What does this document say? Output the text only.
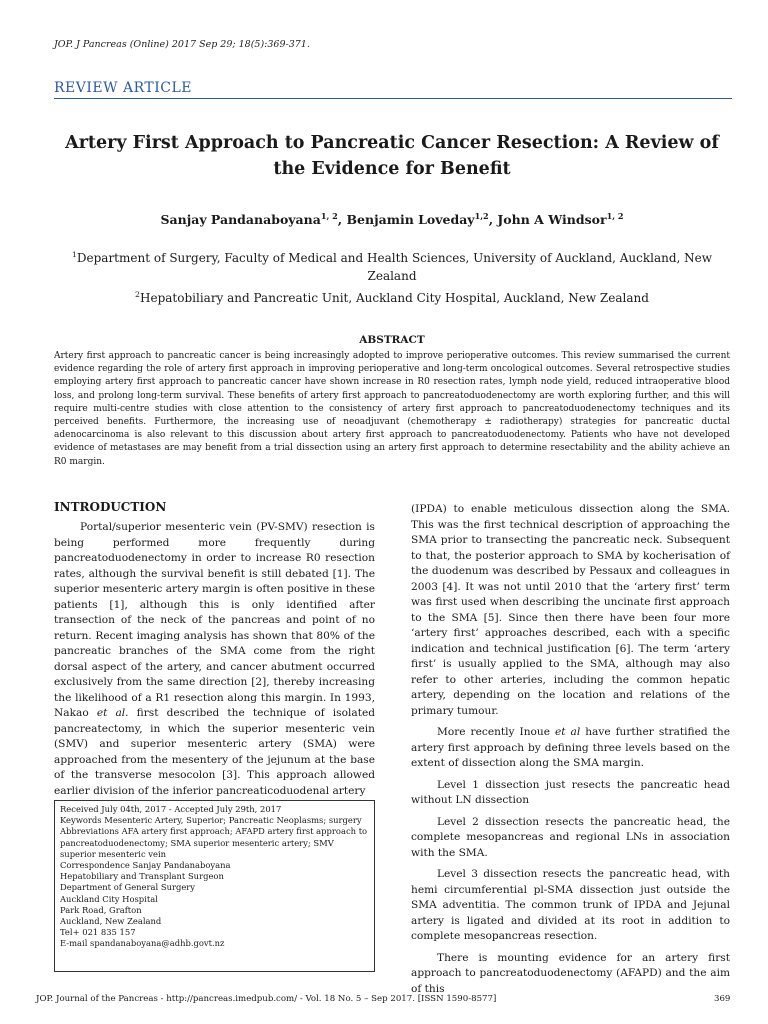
JOP. J Pancreas (Online) 2017 Sep 29; 18(5):369-371.
REVIEW ARTICLE
Artery First Approach to Pancreatic Cancer Resection: A Review of the Evidence for Benefit
Sanjay Pandanaboyana$^{1, 2}$, Benjamin Loveday$^{1,2}$, John A Windsor$^{1, 2}$
$^1$Department of Surgery, Faculty of Medical and Health Sciences, University of Auckland, Auckland, New Zealand
$^2$Hepatobiliary and Pancreatic Unit, Auckland City Hospital, Auckland, New Zealand
ABSTRACT
Artery first approach to pancreatic cancer is being increasingly adopted to improve perioperative outcomes. This review summarised the current evidence regarding the role of artery first approach in improving perioperative and long-term oncological outcomes. Several retrospective studies employing artery first approach to pancreatic cancer have shown increase in R0 resection rates, lymph node yield, reduced intraoperative blood loss, and prolong long-term survival. These benefits of artery first approach to pancreatoduodenectomy are worth exploring further, and this will require multi-centre studies with close attention to the consistency of artery first approach to pancreatoduodenectomy techniques and its perceived benefits. Furthermore, the increasing use of neoadjuvant (chemotherapy ± radiotherapy) strategies for pancreatic ductal adenocarcinoma is also relevant to this discussion about artery first approach to pancreatoduodenectomy. Patients who have not developed evidence of metastases are may benefit from a trial dissection using an artery first approach to determine resectability and the ability achieve an R0 margin.
INTRODUCTION

Portal/superior mesenteric vein (PV-SMV) resection is being performed more frequently during pancreatoduodenectomy in order to increase R0 resection rates, although the survival benefit is still debated [1]. The superior mesenteric artery margin is often positive in these patients [1], although this is only identified after transection of the neck of the pancreas and point of no return. Recent imaging analysis has shown that 80% of the pancreatic branches of the SMA come from the right dorsal aspect of the artery, and cancer abutment occurred exclusively from the same direction [2], thereby increasing the likelihood of a R1 resection along this margin. In 1993, Nakao et al. first described the technique of isolated pancreatectomy, in which the superior mesenteric vein (SMV) and superior mesenteric artery (SMA) were approached from the mesentery of the jejunum at the base of the transverse mesocolon [3]. This approach allowed earlier division of the inferior pancreaticoduodenal artery

Received July 04th, 2017 - Accepted July 29th, 2017
Keywords Mesenteric Artery, Superior; Pancreatic Neoplasms; surgery
Abbreviations AFA artery first approach; AFAPD artery first approach to pancreatoduodenectomy; SMA superior mesenteric artery; SMV superior mesenteric vein
Correspondence Sanjay Pandanaboyana
Hepatobiliary and Transplant Surgeon
Department of General Surgery
Auckland City Hospital
Park Road, Grafton
Auckland, New Zealand
Tel+ 021 835 157
E-mail spandanaboyana@adhb.govt.nz

(IPDA) to enable meticulous dissection along the SMA. This was the first technical description of approaching the SMA prior to transecting the pancreatic neck. Subsequent to that, the posterior approach to SMA by kocherisation of the duodenum was described by Pessaux and colleagues in 2003 [4]. It was not until 2010 that the ‘artery first’ term was first used when describing the uncinate first approach to the SMA [5]. Since then there have been four more ‘artery first’ approaches described, each with a specific indication and technical justification [6]. The term ‘artery first’ is usually applied to the SMA, although may also refer to other arteries, including the common hepatic artery, depending on the location and relations of the primary tumour.

More recently Inoue et al have further stratified the artery first approach by defining three levels based on the extent of dissection along the SMA margin.

Level 1 dissection just resects the pancreatic head without LN dissection

Level 2 dissection resects the pancreatic head, the complete mesopancreas and regional LNs in association with the SMA.

Level 3 dissection resects the pancreatic head, with hemi circumferential pl-SMA dissection just outside the SMA adventitia. The common trunk of IPDA and Jejunal artery is ligated and divided at its root in addition to complete mesopancreas resection.

There is mounting evidence for an artery first approach to pancreatoduodenectomy (AFAPD) and the aim of this

JOP. Journal of the Pancreas - http://pancreas.imedpub.com/ - Vol. 18 No. 5 – Sep 2017. [ISSN 1590-8577]	369
